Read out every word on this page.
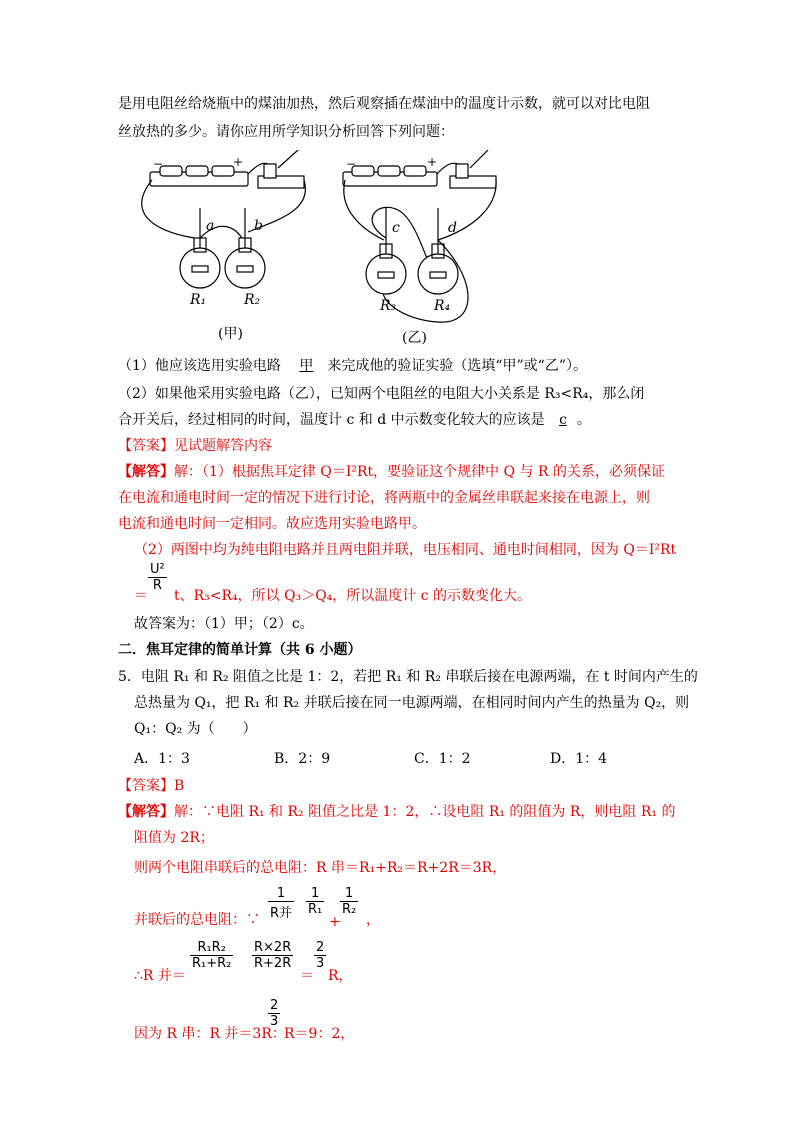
是用电阻丝给烧瓶中的煤油加热，然后观察插在煤油中的温度计示数，就可以对比电阻
丝放热的多少。请你应用所学知识分析回答下列问题：
−	+	−	+
a	b	c	d
R₁	R₂	R₃	R₄
(甲)	(乙)
（1）他应该选用实验电路 甲 来完成他的验证实验（选填“甲”或“乙”）。
（2）如果他采用实验电路（乙），已知两个电阻丝的电阻大小关系是 R₃<R₄，那么闭
合开关后，经过相同的时间，温度计 c 和 d 中示数变化较大的应该是 c 。
【答案】见试题解答内容
【解答】解：（1）根据焦耳定律 Q＝I²Rt，要验证这个规律中 Q 与 R 的关系，必须保证
在电流和通电时间一定的情况下进行讨论，将两瓶中的金属丝串联起来接在电源上，则
电流和通电时间一定相同。故应选用实验电路甲。
（2）两图中均为纯电阻电路并且两电阻并联，电压相同、通电时间相同，因为 Q＝I²Rt
$\frac{\text{U²}}{R}$
＝ t、R₃<R₄，所以 Q₃＞Q₄，所以温度计 c 的示数变化大。
故答案为：（1）甲；（2）c。
二．焦耳定律的简单计算（共 6 小题）
5．电阻 R₁ 和 R₂ 阻值之比是 1：2，若把 R₁ 和 R₂ 串联后接在电源两端，在 t 时间内产生的
总热量为 Q₁，把 R₁ 和 R₂ 并联后接在同一电源两端，在相同时间内产生的热量为 Q₂，则
Q₁：Q₂ 为（　　）
A．1：3	B．2：9	C．1：2	D．1：4
【答案】B
【解答】解：∵电阻 R₁ 和 R₂ 阻值之比是 1：2，∴设电阻 R₁ 的阻值为 R，则电阻 R₁ 的
阻值为 2R；
则两个电阻串联后的总电阻：R 串＝R₁+R₂＝R+2R＝3R，
并联后的总电阻：∵
1
R并 $\frac{1}{\text{R₁}}$
+
$\frac{1}{\text{R₂}}$
，
∴R 并＝
$\frac{\text{R₁R₂}}{\text{R₁+R₂}} \frac{R\times 2R}{R+2R}$
＝
$\frac{2}{3}$
R，
因为 R 串：R 并＝3R：
$\frac{2}{3}$
R＝9：2，
